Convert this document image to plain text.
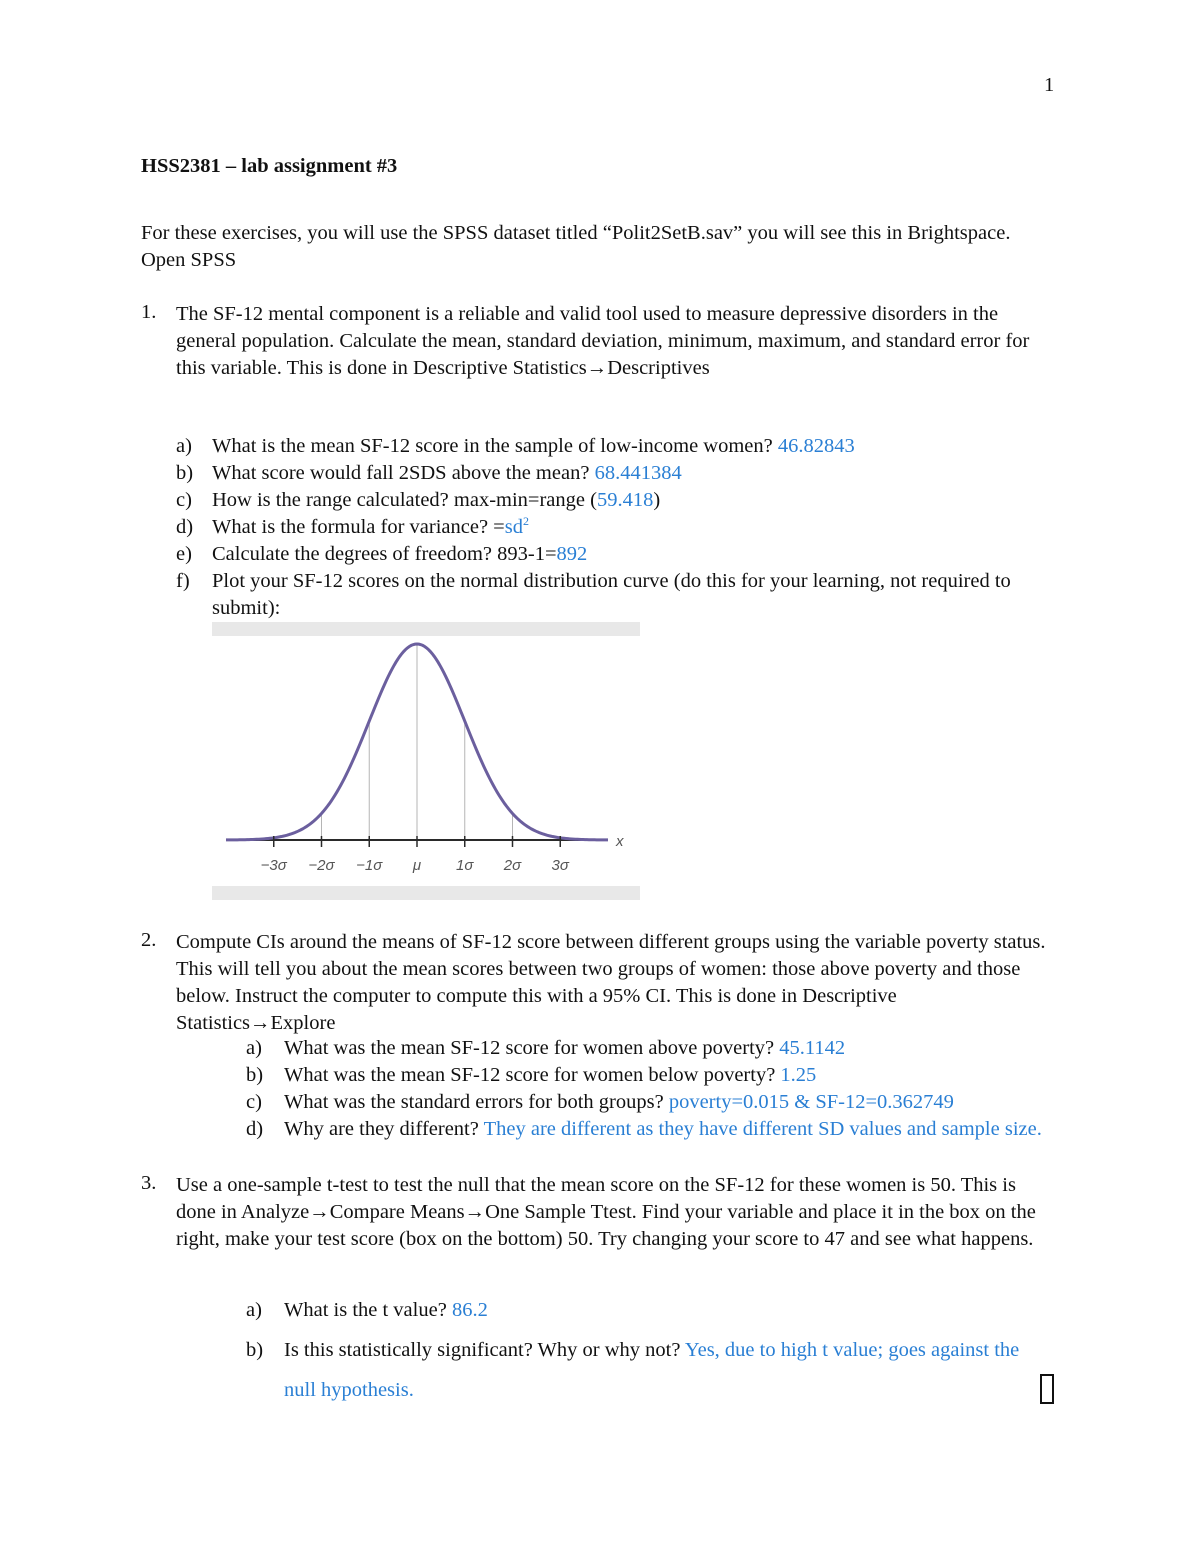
1
HSS2381 – lab assignment #3
For these exercises, you will use the SPSS dataset titled “Polit2SetB.sav” you will see this in Brightspace. Open SPSS
1. The SF-12 mental component is a reliable and valid tool used to measure depressive disorders in the general population. Calculate the mean, standard deviation, minimum, maximum, and standard error for this variable. This is done in Descriptive Statistics→Descriptives
a) What is the mean SF-12 score in the sample of low-income women? 46.82843
b) What score would fall 2SDS above the mean? 68.441384
c) How is the range calculated? max-min=range (59.418)
d) What is the formula for variance? $=sd^2$
e) Calculate the degrees of freedom? 893-1=892
f) Plot your SF-12 scores on the normal distribution curve (do this for your learning, not required to submit):
x
−3σ −2σ −1σ μ 1σ 2σ 3σ
2. Compute CIs around the means of SF-12 score between different groups using the variable poverty status. This will tell you about the mean scores between two groups of women: those above poverty and those below. Instruct the computer to compute this with a 95% CI. This is done in Descriptive Statistics→Explore
a) What was the mean SF-12 score for women above poverty? 45.1142
b) What was the mean SF-12 score for women below poverty? 1.25
c) What was the standard errors for both groups? poverty=0.015 & SF-12=0.362749
d) Why are they different? They are different as they have different SD values and sample size.
3. Use a one-sample t-test to test the null that the mean score on the SF-12 for these women is 50. This is done in Analyze→Compare Means→One Sample Ttest. Find your variable and place it in the box on the right, make your test score (box on the bottom) 50. Try changing your score to 47 and see what happens.
a) What is the t value? 86.2
b) Is this statistically significant? Why or why not? Yes, due to high t value; goes against the null hypothesis.
